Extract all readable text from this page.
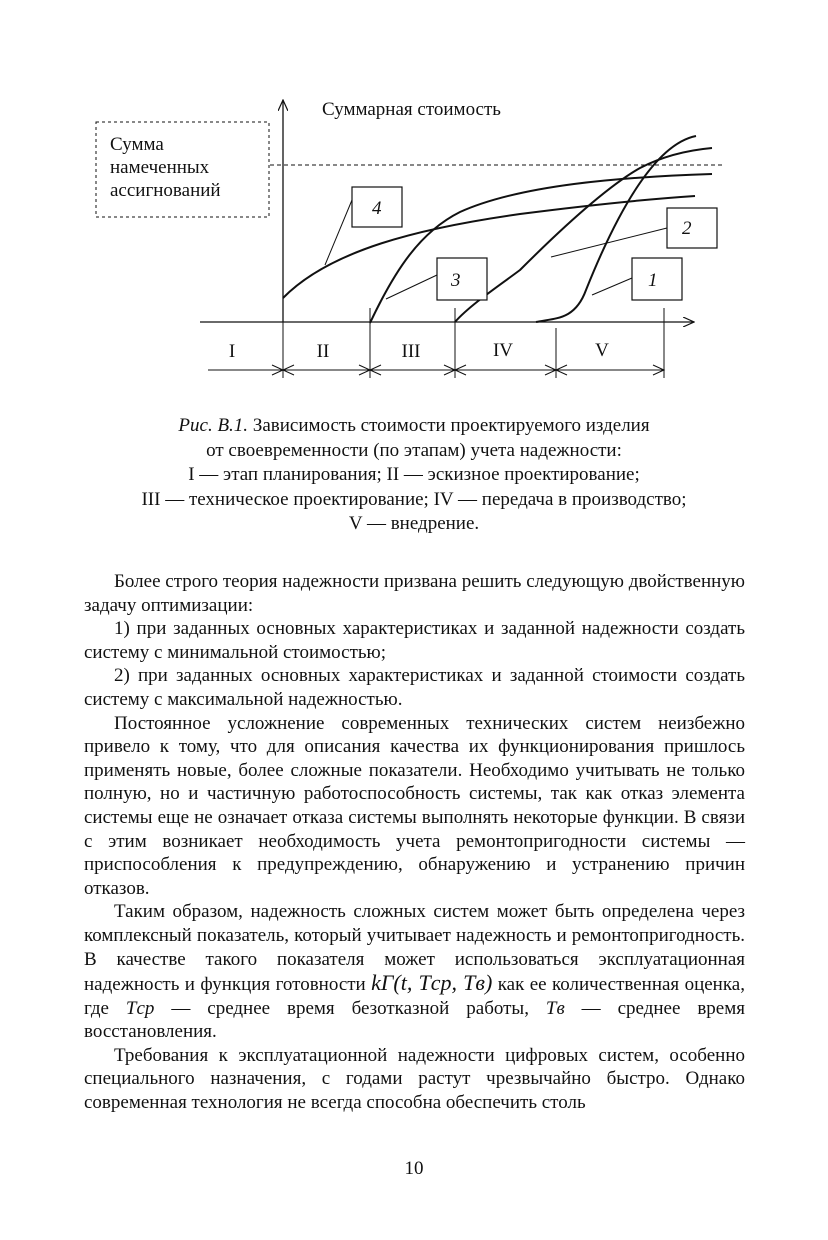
Суммарная стоимость
Сумма
намеченных
ассигнований
4
3
2
1
I	II	III	IV	V
Рис. В.1. Зависимость стоимости проектируемого изделия
от своевременности (по этапам) учета надежности:
I — этап планирования; II — эскизное проектирование;
III — техническое проектирование; IV — передача в производство;
V — внедрение.

Более строго теория надежности призвана решить следующую двойственную задачу оптимизации:

1) при заданных основных характеристиках и заданной надежности создать систему с минимальной стоимостью;

2) при заданных основных характеристиках и заданной стоимости создать систему с максимальной надежностью.

Постоянное усложнение современных технических систем неизбежно привело к тому, что для описания качества их функционирования пришлось применять новые, более сложные показатели. Необходимо учитывать не только полную, но и частичную работоспособность системы, так как отказ элемента системы еще не означает отказа системы выполнять некоторые функции. В связи с этим возникает необходимость учета ремонтопригодности системы — приспособления к предупреждению, обнаружению и устранению причин отказов.

Таким образом, надежность сложных систем может быть определена через комплексный показатель, который учитывает надежность и ремонтопригодность. В качестве такого показателя может использоваться эксплуатационная надежность и функция готовности kГ(t, Tср, Tв) как ее количественная оценка, где Tср — среднее время безотказной работы, Tв — среднее время восстановления.

Требования к эксплуатационной надежности цифровых систем, особенно специального назначения, с годами растут чрезвычайно быстро. Однако современная технология не всегда способна обеспечить столь

10
